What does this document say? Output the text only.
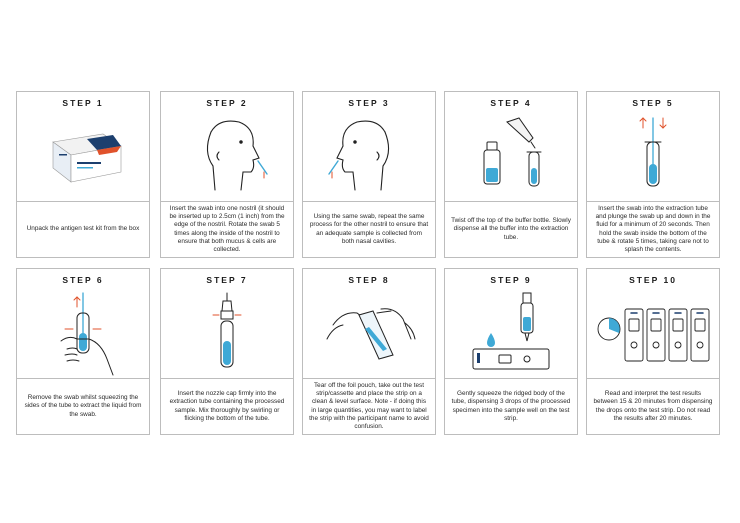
STEP 1
Unpack the antigen test kit from the box
STEP 2
Insert the swab into one nostril (it should be inserted up to 2.5cm (1 inch) from the edge of the nostril. Rotate the swab 5 times along the inside of the nostril to ensure that both mucus & cells are collected.
STEP 3
Using the same swab, repeat the same process for the other nostril to ensure that an adequate sample is collected from both nasal cavities.
STEP 4
Twist off the top of the buffer bottle. Slowly dispense all the buffer into the extraction tube.
STEP 5
Insert the swab into the extraction tube and plunge the swab up and down in the fluid for a minimum of 20 seconds. Then hold the swab inside the bottom of the tube & rotate 5 times, taking care not to splash the contents.
STEP 6
Remove the swab whilst squeezing the sides of the tube to extract the liquid from the swab.
STEP 7
Insert the nozzle cap firmly into the extraction tube containing the processed sample. Mix thoroughly by swirling or flicking the bottom of the tube.
STEP 8
Tear off the foil pouch, take out the test strip/cassette and place the strip on a clean & level surface. Note - if doing this in large quantities, you may want to label the strip with the participant name to avoid confusion.
STEP 9
Gently squeeze the ridged body of the tube, dispensing 3 drops of the processed specimen into the sample well on the test strip.
STEP 10
Read and interpret the test results between 15 & 20 minutes from dispensing the drops onto the test strip. Do not read the results after 20 minutes.
